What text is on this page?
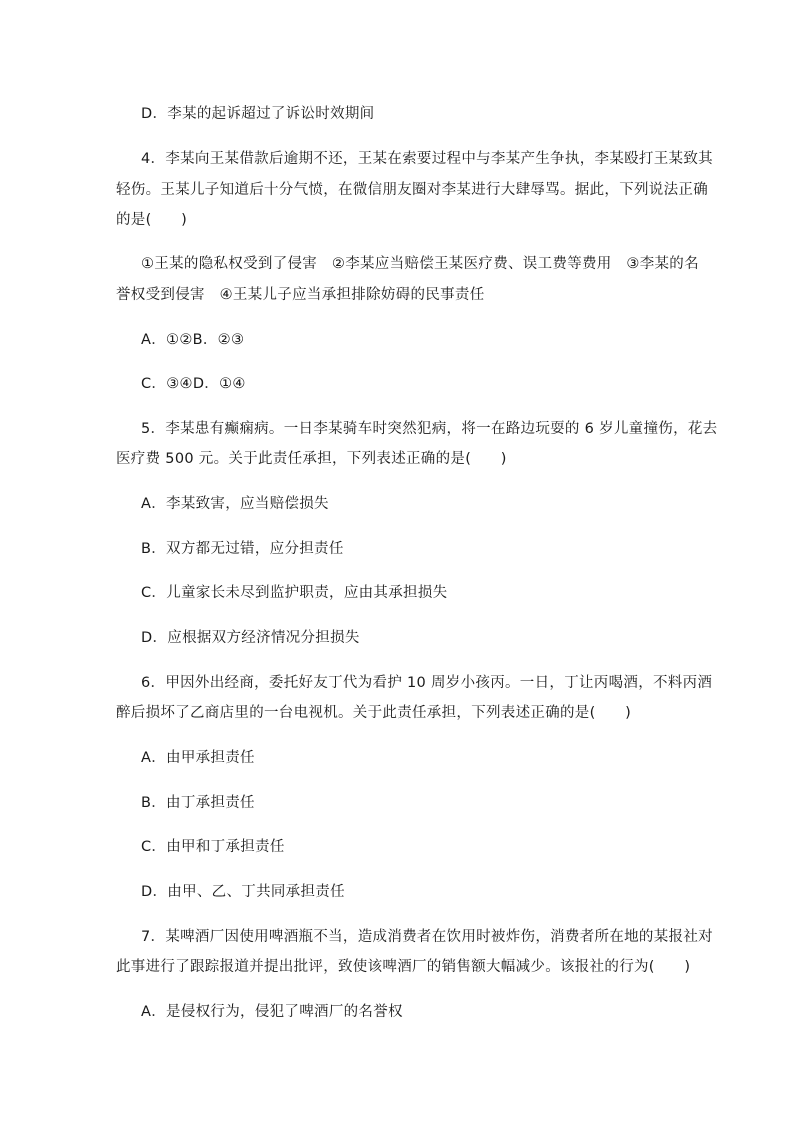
D．李某的起诉超过了诉讼时效期间
4．李某向王某借款后逾期不还，王某在索要过程中与李某产生争执，李某殴打王某致其
轻伤。王某儿子知道后十分气愤，在微信朋友圈对李某进行大肆辱骂。据此，下列说法正确
的是(　　)
①王某的隐私权受到了侵害　②李某应当赔偿王某医疗费、误工费等费用　③李某的名
誉权受到侵害　④王某儿子应当承担排除妨碍的民事责任
A．①②B．②③
C．③④D．①④
5．李某患有癫痫病。一日李某骑车时突然犯病，将一在路边玩耍的 6 岁儿童撞伤，花去
医疗费 500 元。关于此责任承担，下列表述正确的是(　　)
A．李某致害，应当赔偿损失
B．双方都无过错，应分担责任
C．儿童家长未尽到监护职责，应由其承担损失
D．应根据双方经济情况分担损失
6．甲因外出经商，委托好友丁代为看护 10 周岁小孩丙。一日，丁让丙喝酒，不料丙酒
醉后损坏了乙商店里的一台电视机。关于此责任承担，下列表述正确的是(　　)
A．由甲承担责任
B．由丁承担责任
C．由甲和丁承担责任
D．由甲、乙、丁共同承担责任
7．某啤酒厂因使用啤酒瓶不当，造成消费者在饮用时被炸伤，消费者所在地的某报社对
此事进行了跟踪报道并提出批评，致使该啤酒厂的销售额大幅减少。该报社的行为(　　)
A．是侵权行为，侵犯了啤酒厂的名誉权
